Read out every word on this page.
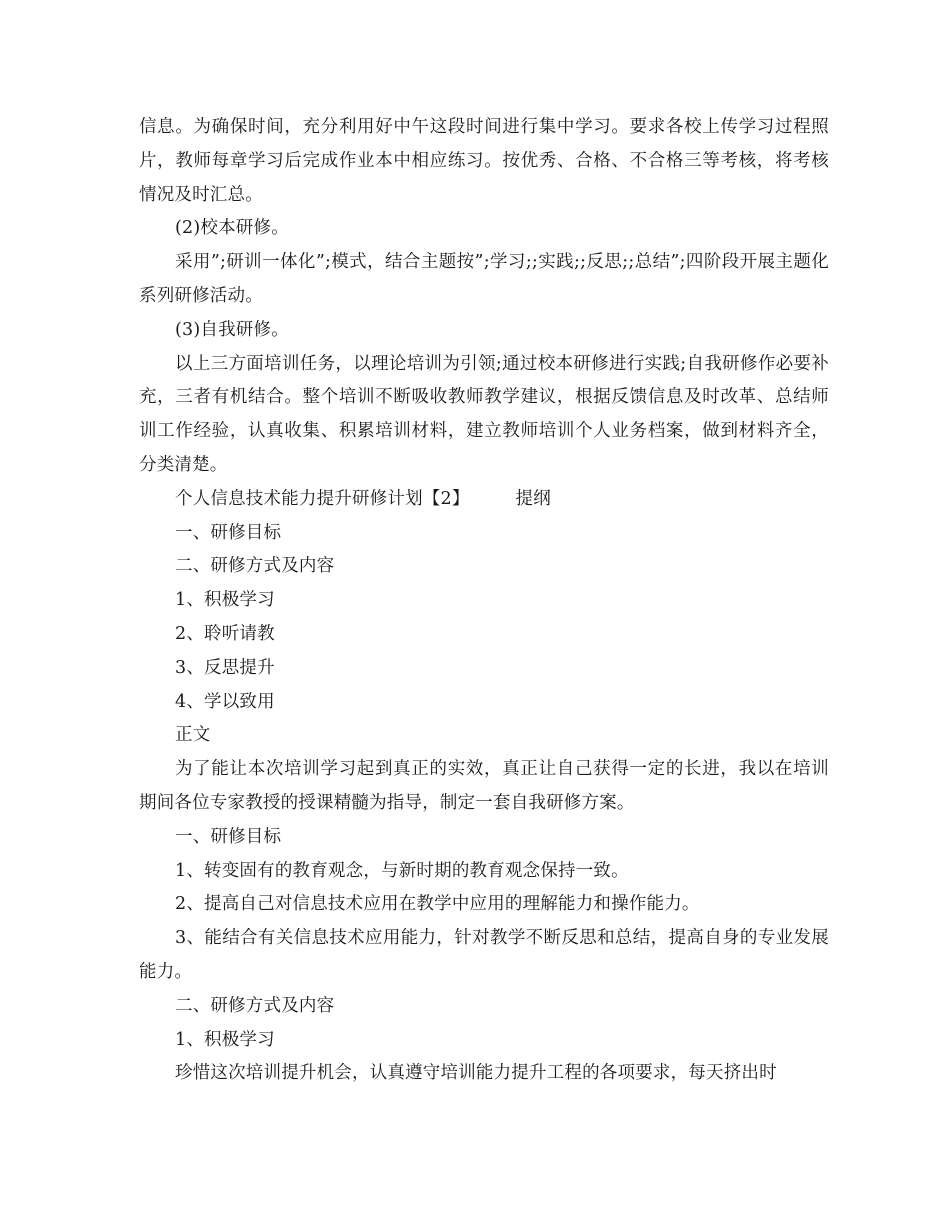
信息。为确保时间，充分利用好中午这段时间进行集中学习。要求各校上传学习过程照片，教师每章学习后完成作业本中相应练习。按优秀、合格、不合格三等考核，将考核情况及时汇总。

(2)校本研修。

采用”;研训一体化”;模式，结合主题按”;学习;;实践;;反思;;总结”;四阶段开展主题化系列研修活动。

(3)自我研修。

以上三方面培训任务，以理论培训为引领;通过校本研修进行实践;自我研修作必要补充，三者有机结合。整个培训不断吸收教师教学建议，根据反馈信息及时改革、总结师训工作经验，认真收集、积累培训材料，建立教师培训个人业务档案，做到材料齐全，分类清楚。

个人信息技术能力提升研修计划【2】	提纲

一、研修目标

二、研修方式及内容

1、积极学习

2、聆听请教

3、反思提升

4、学以致用

正文

为了能让本次培训学习起到真正的实效，真正让自己获得一定的长进，我以在培训期间各位专家教授的授课精髓为指导，制定一套自我研修方案。

一、研修目标

1、转变固有的教育观念，与新时期的教育观念保持一致。

2、提高自己对信息技术应用在教学中应用的理解能力和操作能力。

3、能结合有关信息技术应用能力，针对教学不断反思和总结，提高自身的专业发展能力。

二、研修方式及内容

1、积极学习

珍惜这次培训提升机会，认真遵守培训能力提升工程的各项要求，每天挤出时
